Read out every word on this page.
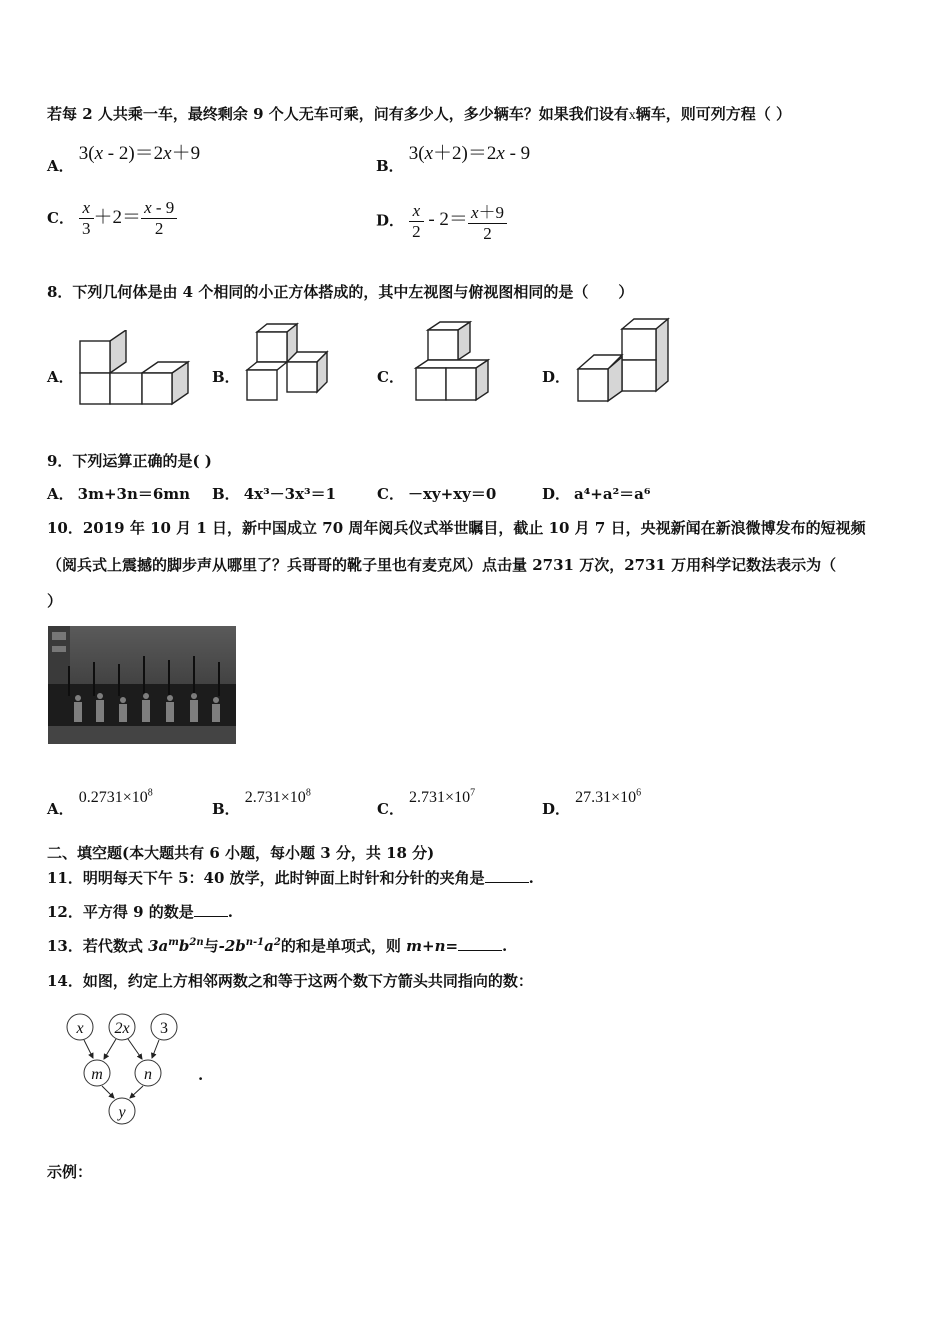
若每 2 人共乘一车，最终剩余 9 个人无车可乘，问有多少人，多少辆车？如果我们设有x辆车，则可列方程（ ）
A． 3(x - 2)＝2x＋9
B． 3(x＋2)＝2x - 9
C． $\frac{x}{3} +2= \frac{x - 9}{2}$	D． $\frac{x}{2} - 2= \frac{x+9}{2}$
8．下列几何体是由 4 个相同的小正方体搭成的，其中左视图与俯视图相同的是（　　）
A．	B．	C．	D．
9．下列运算正确的是( )
A． 3m+3n＝6mn B． 4x³－3x³＝1	C． －xy+xy＝0	D． a⁴+a²＝a⁶
10．2019 年 10 月 1 日，新中国成立 70 周年阅兵仪式举世瞩目，截止 10 月 7 日，央视新闻在新浪微博发布的短视频
（阅兵式上震撼的脚步声从哪里了？兵哥哥的靴子里也有麦克风）点击量 2731 万次，2731 万用科学记数法表示为（
）
A． $0.2731\times 10^8$
B． $2.731\times 10^8$
C． $2.731\times 10^7$
D． $27.31\times 10^6$
二、填空题(本大题共有 6 小题，每小题 3 分，共 18 分)
11．明明每天下午 5：40 放学，此时钟面上时针和分针的夹角是	.
12．平方得 9 的数是 .
13．若代数式 $3a^mb^{2n}$与$-2b^{n-1}a^2$的和是单项式，则 m+n=	.
14．如图，约定上方相邻两数之和等于这两个数下方箭头共同指向的数：
x 2x 3
m	n
y
.
示例：
